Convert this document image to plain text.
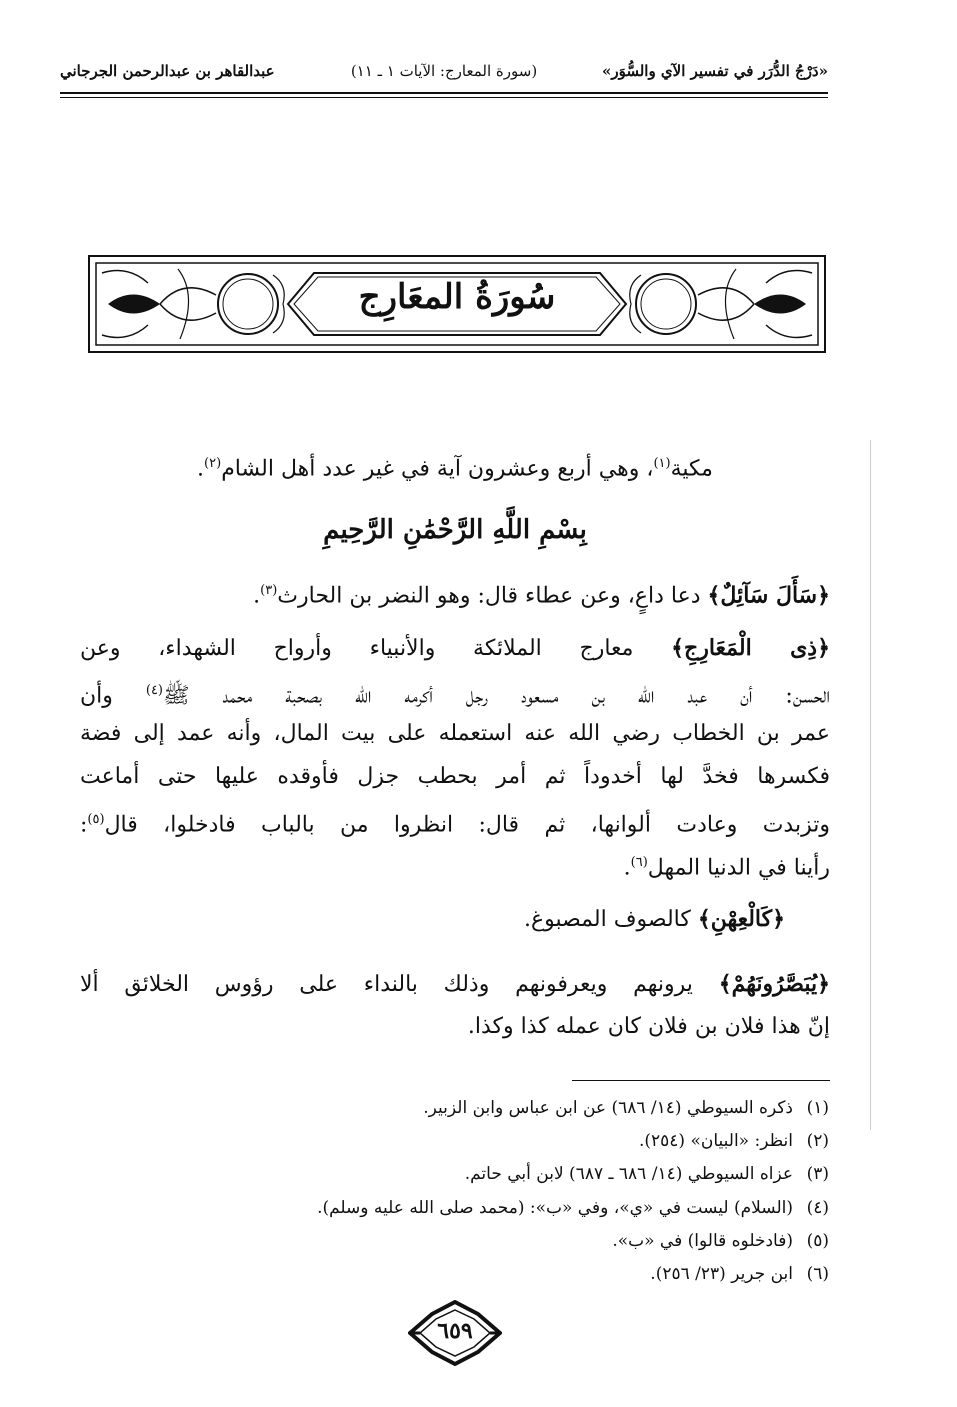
«دَرْجُ الدُّرَر في تفسير الآي والسُّوَر»
(سورة المعارج: الآيات ١ ـ ١١)
عبدالقاهر بن عبدالرحمن الجرجاني
سُورَةُ المعَارِج
مكية$^{(١)}$، وهي أربع وعشرون آية في غير عدد أهل الشام$^{(٢)}$.
بِسْمِ اللَّهِ الرَّحْمَٰنِ الرَّحِيمِ
﴿سَأَلَ سَآئِلٌ﴾ دعا داعٍ، وعن عطاء قال: وهو النضر بن الحارث$^{(٣)}$.
﴿ذِى الْمَعَارِجِ﴾ معارج الملائكة والأنبياء وأرواح الشهداء، وعن
الحسن: أن عبد الله بن مسعود رجل أكرمه الله بصحبة محمد ﷺ$^{(٤)}$ وأن
عمر بن الخطاب رضي الله عنه استعمله على بيت المال، وأنه عمد إلى فضة
فكسرها فخدَّ لها أخدوداً ثم أمر بحطب جزل فأوقده عليها حتى أماعت
وتزبدت وعادت ألوانها، ثم قال: انظروا من بالباب فادخلوا، قال$^{(٥)}$:
رأينا في الدنيا المهل$^{(٦)}$.
﴿كَالْعِهْنِ﴾ كالصوف المصبوغ.
﴿يُبَصَّرُونَهُمْ﴾ يرونهم ويعرفونهم وذلك بالنداء على رؤوس الخلائق ألا
إنّ هذا فلان بن فلان كان عمله كذا وكذا.
(١)ذكره السيوطي (١٤/ ٦٨٦) عن ابن عباس وابن الزبير.
(٢)انظر: «البيان» (٢٥٤).
(٣)عزاه السيوطي (١٤/ ٦٨٦ ـ ٦٨٧) لابن أبي حاتم.
(٤)(السلام) ليست في «ي»، وفي «ب»: (محمد صلى الله عليه وسلم).
(٥)(فادخلوه قالوا) في «ب».
(٦)ابن جرير (٢٣/ ٢٥٦).
٦٥٩
